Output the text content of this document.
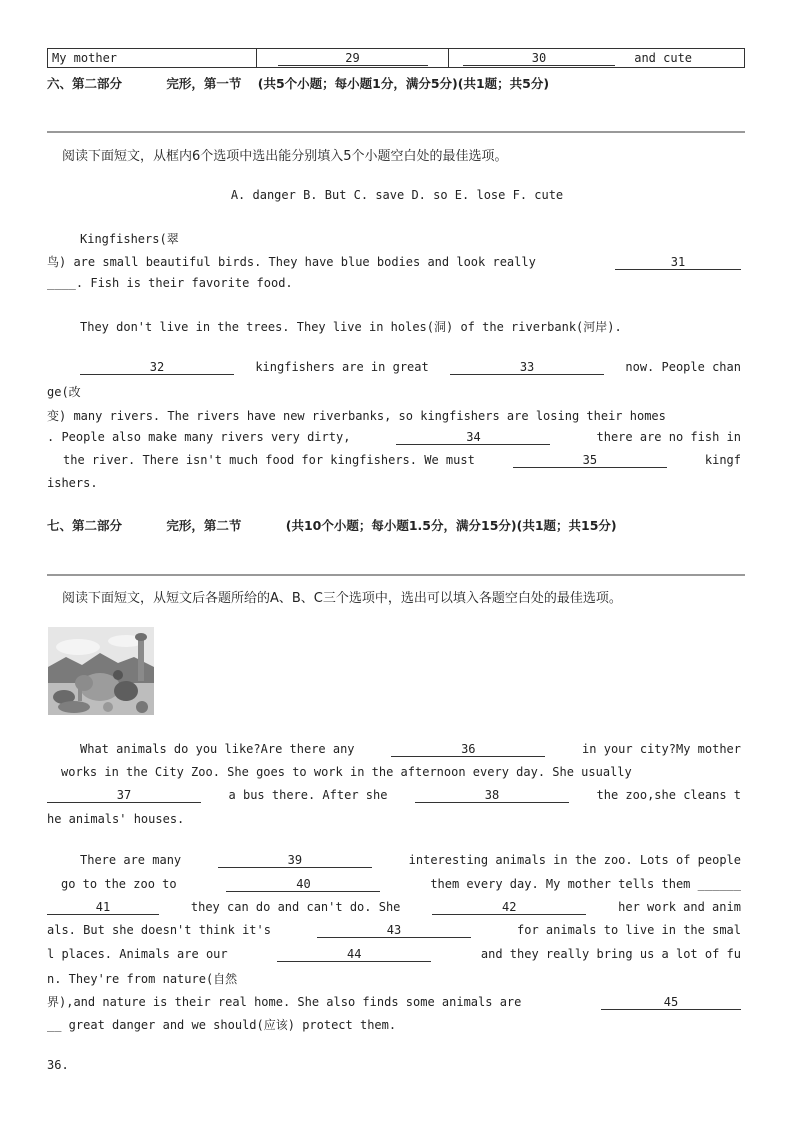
My mother	29	30	and cute
六、第二部分	完形，第一节 (共5个小题；每小题1分，满分5分)(共1题；共5分)
阅读下面短文，从框内6个选项中选出能分别填入5个小题空白处的最佳选项。
A. danger B. But C. save D. so E. lose F. cute
Kingfishers(翠
鸟) are small beautiful birds. They have blue bodies and look really	31
____. Fish is their favorite food.
They don't live in the trees. They live in holes(洞) of the riverbank(河岸).
32	kingfishers are in great	33	now. People chan
ge(改
变) many rivers. The rivers have new riverbanks, so kingfishers are losing their homes
. People also make many rivers very dirty,	34	there are no fish in
the river. There isn't much food for kingfishers. We must	35	kingf
ishers.
七、第二部分	完形，第二节	(共10个小题；每小题1.5分，满分15分)(共1题；共15分)
阅读下面短文，从短文后各题所给的A、B、C三个选项中，选出可以填入各题空白处的最佳选项。
What animals do you like?Are there any	36	in your city?My mother
works in the City Zoo. She goes to work in the afternoon every day. She usually
37	a bus there. After she	38	the zoo,she cleans t
he animals' houses.
There are many	39	interesting animals in the zoo. Lots of people
go to the zoo to	40	them every day. My mother tells them ______
41	they can do and can't do. She	42	her work and anim
als. But she doesn't think it's	43	for animals to live in the smal
l places. Animals are our	44	and they really bring us a lot of fu
n. They're from nature(自然
界),and nature is their real home. She also finds some animals are	45
__ great danger and we should(应该) protect them.
36.
